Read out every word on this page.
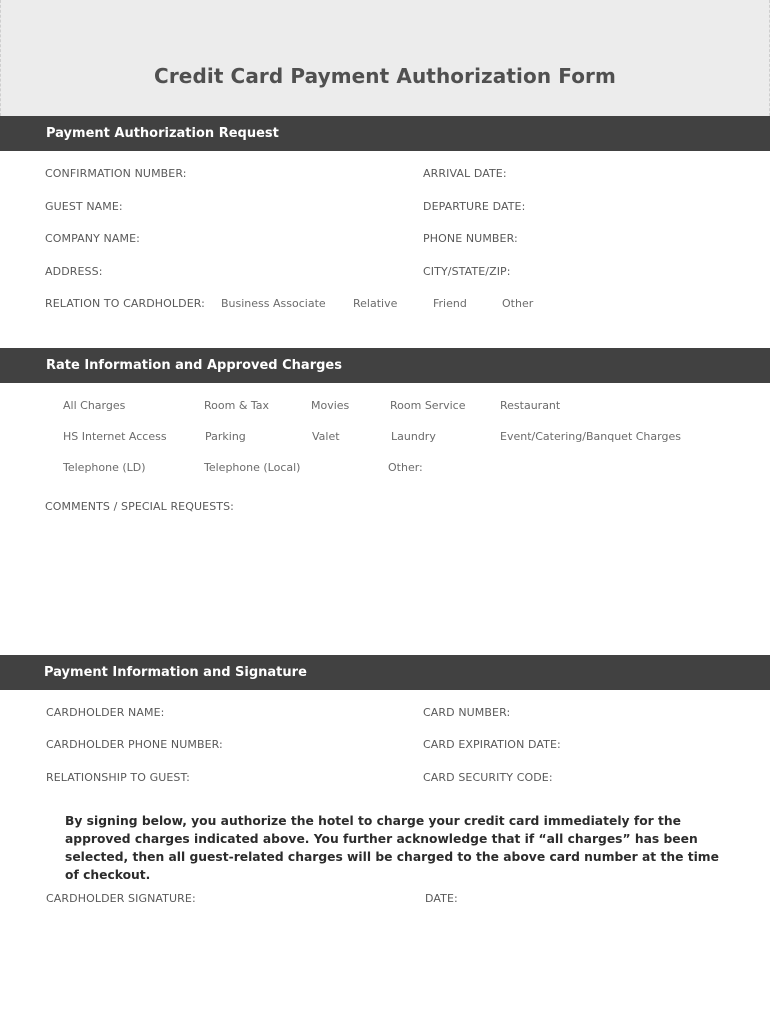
Credit Card Payment Authorization Form
Payment Authorization Request
CONFIRMATION NUMBER:	ARRIVAL DATE:
GUEST NAME:	DEPARTURE DATE:
COMPANY NAME:	PHONE NUMBER:
ADDRESS:	CITY/STATE/ZIP:
RELATION TO CARDHOLDER: Business Associate Relative	Friend	Other
Rate Information and Approved Charges
All Charges	Room & Tax	Movies	Room Service	Restaurant
HS Internet Access	Parking	Valet	Laundry	Event/Catering/Banquet Charges
Telephone (LD)	Telephone (Local)	Other:
COMMENTS / SPECIAL REQUESTS:
Payment Information and Signature
CARDHOLDER NAME:	CARD NUMBER:
CARDHOLDER PHONE NUMBER:	CARD EXPIRATION DATE:
RELATIONSHIP TO GUEST:	CARD SECURITY CODE:
By signing below, you authorize the hotel to charge your credit card immediately for the approved charges indicated above. You further acknowledge that if “all charges” has been selected, then all guest-related charges will be charged to the above card number at the time of checkout.
CARDHOLDER SIGNATURE:	DATE:
